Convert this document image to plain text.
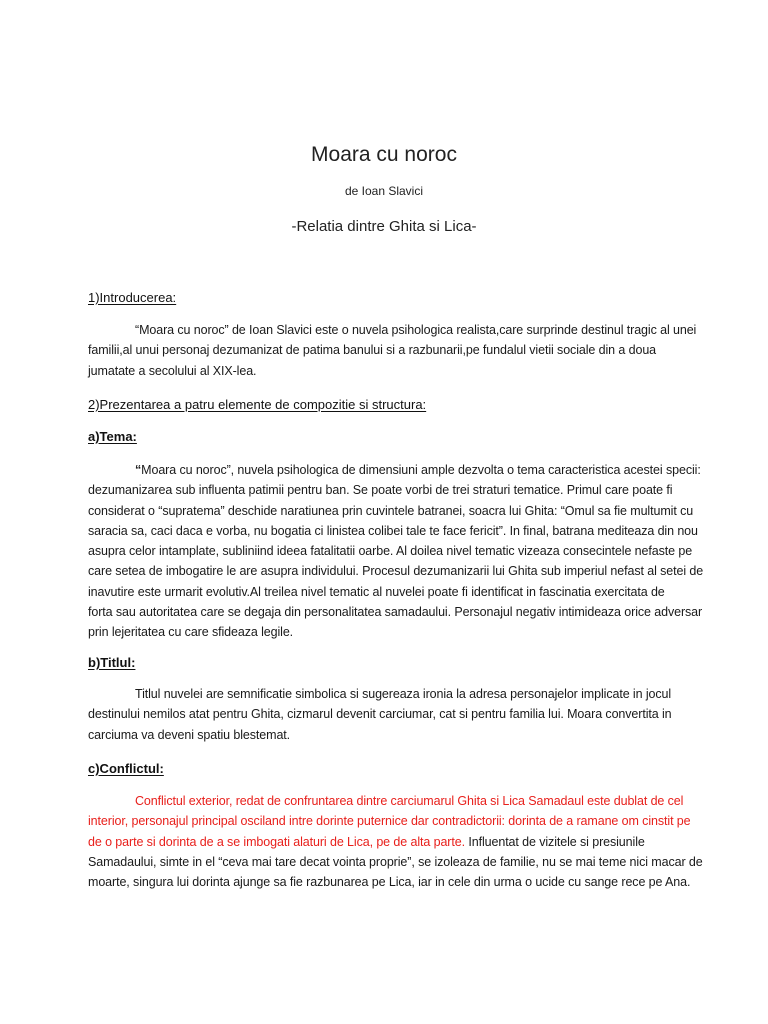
Moara cu noroc
de Ioan Slavici
-Relatia dintre Ghita si Lica-
1)Introducerea:
“Moara cu noroc” de Ioan Slavici este o nuvela psihologica realista,care surprinde destinul tragic al unei
familii,al unui personaj dezumanizat de patima banului si a razbunarii,pe fundalul vietii sociale din a doua
jumatate a secolului al XIX-lea.
2)Prezentarea a patru elemente de compozitie si structura:
a)Tema:
“Moara cu noroc”, nuvela psihologica de dimensiuni ample dezvolta o tema caracteristica acestei specii:
dezumanizarea sub influenta patimii pentru ban. Se poate vorbi de trei straturi tematice. Primul care poate fi
considerat o “supratema” deschide naratiunea prin cuvintele batranei, soacra lui Ghita: “Omul sa fie multumit cu
saracia sa, caci daca e vorba, nu bogatia ci linistea colibei tale te face fericit”. In final, batrana mediteaza din nou
asupra celor intamplate, subliniind ideea fatalitatii oarbe. Al doilea nivel tematic vizeaza consecintele nefaste pe
care setea de imbogatire le are asupra individului. Procesul dezumanizarii lui Ghita sub imperiul nefast al setei de
inavutire este urmarit evolutiv.Al treilea nivel tematic al nuvelei poate fi identificat in fascinatia exercitata de
forta sau autoritatea care se degaja din personalitatea samadaului. Personajul negativ intimideaza orice adversar
prin lejeritatea cu care sfideaza legile.
b)Titlul:
Titlul nuvelei are semnificatie simbolica si sugereaza ironia la adresa personajelor implicate in jocul
destinului nemilos atat pentru Ghita, cizmarul devenit carciumar, cat si pentru familia lui. Moara convertita in
carciuma va deveni spatiu blestemat.
c)Conflictul:
Conflictul exterior, redat de confruntarea dintre carciumarul Ghita si Lica Samadaul este dublat de cel
interior, personajul principal osciland intre dorinte puternice dar contradictorii: dorinta de a ramane om cinstit pe
de o parte si dorinta de a se imbogati alaturi de Lica, pe de alta parte. Influentat de vizitele si presiunile
Samadaului, simte in el “ceva mai tare decat vointa proprie”, se izoleaza de familie, nu se mai teme nici macar de
moarte, singura lui dorinta ajunge sa fie razbunarea pe Lica, iar in cele din urma o ucide cu sange rece pe Ana.
